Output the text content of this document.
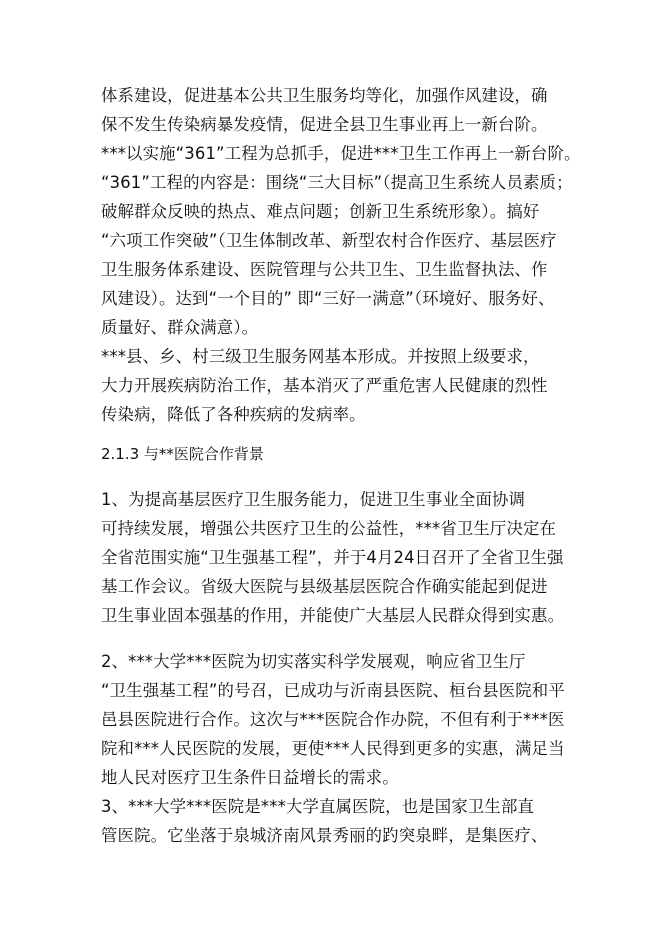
体系建设，促进基本公共卫生服务均等化，加强作风建设，确
保不发生传染病暴发疫情，促进全县卫生事业再上一新台阶。
***以实施“361”工程为总抓手，促进***卫生工作再上一新台阶。
“361”工程的内容是：围绕“三大目标”（提高卫生系统人员素质；
破解群众反映的热点、难点问题；创新卫生系统形象）。搞好
“六项工作突破”（卫生体制改革、新型农村合作医疗、基层医疗
卫生服务体系建设、医院管理与公共卫生、卫生监督执法、作
风建设）。达到“一个目的” 即“三好一满意”（环境好、服务好、
质量好、群众满意）。
***县、乡、村三级卫生服务网基本形成。并按照上级要求，
大力开展疾病防治工作，基本消灭了严重危害人民健康的烈性
传染病，降低了各种疾病的发病率。
2.1.3 与**医院合作背景
1、为提高基层医疗卫生服务能力，促进卫生事业全面协调
可持续发展，增强公共医疗卫生的公益性，***省卫生厅决定在
全省范围实施“卫生强基工程”，并于4月24日召开了全省卫生强
基工作会议。省级大医院与县级基层医院合作确实能起到促进
卫生事业固本强基的作用，并能使广大基层人民群众得到实惠。
2、***大学***医院为切实落实科学发展观，响应省卫生厅
“卫生强基工程”的号召，已成功与沂南县医院、桓台县医院和平
邑县医院进行合作。这次与***医院合作办院，不但有利于***医
院和***人民医院的发展，更使***人民得到更多的实惠，满足当
地人民对医疗卫生条件日益增长的需求。
3、***大学***医院是***大学直属医院，也是国家卫生部直
管医院。它坐落于泉城济南风景秀丽的趵突泉畔，是集医疗、
